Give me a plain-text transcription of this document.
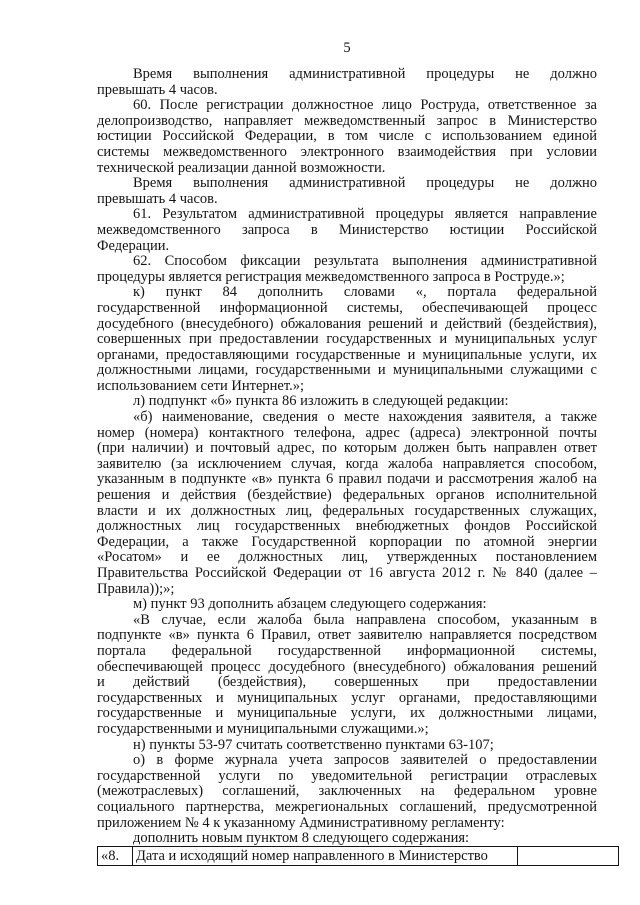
5
Время выполнения административной процедуры не должно
превышать 4 часов.
60. После регистрации должностное лицо Роструда, ответственное за
делопроизводство, направляет межведомственный запрос в Министерство
юстиции Российской Федерации, в том числе с использованием единой
системы межведомственного электронного взаимодействия при условии
технической реализации данной возможности.
Время выполнения административной процедуры не должно
превышать 4 часов.
61. Результатом административной процедуры является направление
межведомственного запроса в Министерство юстиции Российской
Федерации.
62. Способом фиксации результата выполнения административной
процедуры является регистрация межведомственного запроса в Роструде.»;
к) пункт 84 дополнить словами «, портала федеральной
государственной информационной системы, обеспечивающей процесс
досудебного (внесудебного) обжалования решений и действий (бездействия),
совершенных при предоставлении государственных и муниципальных услуг
органами, предоставляющими государственные и муниципальные услуги, их
должностными лицами, государственными и муниципальными служащими с
использованием сети Интернет.»;
л) подпункт «б» пункта 86 изложить в следующей редакции:
«б) наименование, сведения о месте нахождения заявителя, а также
номер (номера) контактного телефона, адрес (адреса) электронной почты
(при наличии) и почтовый адрес, по которым должен быть направлен ответ
заявителю (за исключением случая, когда жалоба направляется способом,
указанным в подпункте «в» пункта 6 правил подачи и рассмотрения жалоб на
решения и действия (бездействие) федеральных органов исполнительной
власти и их должностных лиц, федеральных государственных служащих,
должностных лиц государственных внебюджетных фондов Российской
Федерации, а также Государственной корпорации по атомной энергии
«Росатом» и ее должностных лиц, утвержденных постановлением
Правительства Российской Федерации от 16 августа 2012 г. № 840 (далее –
Правила));»;
м) пункт 93 дополнить абзацем следующего содержания:
«В случае, если жалоба была направлена способом, указанным в
подпункте «в» пункта 6 Правил, ответ заявителю направляется посредством
портала федеральной государственной информационной системы,
обеспечивающей процесс досудебного (внесудебного) обжалования решений
и действий (бездействия), совершенных при предоставлении
государственных и муниципальных услуг органами, предоставляющими
государственные и муниципальные услуги, их должностными лицами,
государственными и муниципальными служащими.»;
н) пункты 53-97 считать соответственно пунктами 63-107;
о) в форме журнала учета запросов заявителей о предоставлении
государственной услуги по уведомительной регистрации отраслевых
(межотраслевых) соглашений, заключенных на федеральном уровне
социального партнерства, межрегиональных соглашений, предусмотренной
приложением № 4 к указанному Административному регламенту:
дополнить новым пунктом 8 следующего содержания:
«8.	Дата и исходящий номер направленного в Министерство	
